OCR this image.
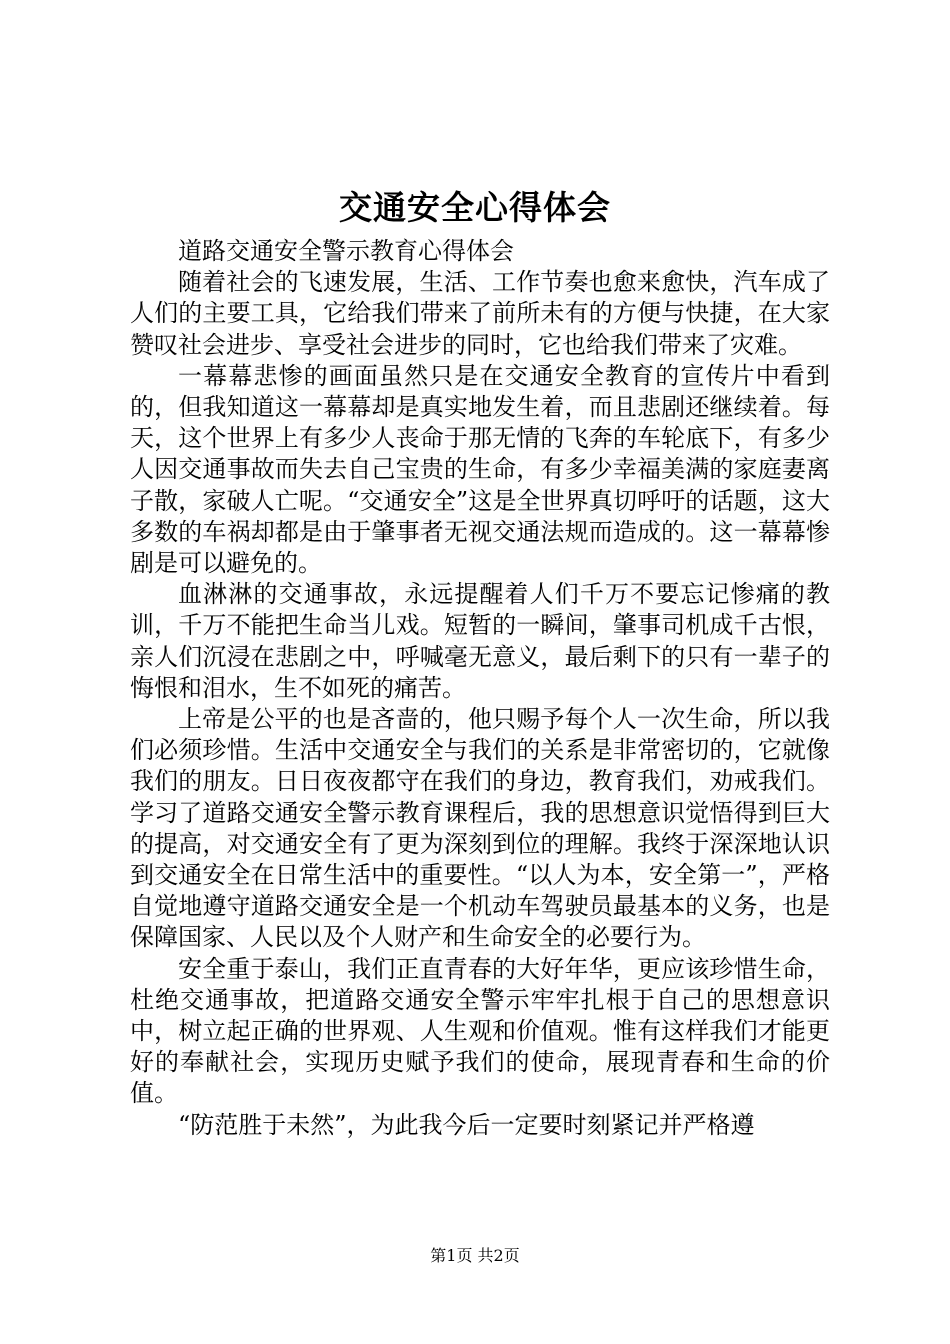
交通安全心得体会

道路交通安全警示教育心得体会

随着社会的飞速发展，生活、工作节奏也愈来愈快，汽车成了人们的主要工具，它给我们带来了前所未有的方便与快捷，在大家赞叹社会进步、享受社会进步的同时，它也给我们带来了灾难。

一幕幕悲惨的画面虽然只是在交通安全教育的宣传片中看到的，但我知道这一幕幕却是真实地发生着，而且悲剧还继续着。每天，这个世界上有多少人丧命于那无情的飞奔的车轮底下，有多少人因交通事故而失去自己宝贵的生命，有多少幸福美满的家庭妻离子散，家破人亡呢。“交通安全”这是全世界真切呼吁的话题，这大多数的车祸却都是由于肇事者无视交通法规而造成的。这一幕幕惨剧是可以避免的。

血淋淋的交通事故，永远提醒着人们千万不要忘记惨痛的教训，千万不能把生命当儿戏。短暂的一瞬间，肇事司机成千古恨，亲人们沉浸在悲剧之中，呼喊毫无意义，最后剩下的只有一辈子的悔恨和泪水，生不如死的痛苦。

上帝是公平的也是吝啬的，他只赐予每个人一次生命，所以我们必须珍惜。生活中交通安全与我们的关系是非常密切的，它就像我们的朋友。日日夜夜都守在我们的身边，教育我们，劝戒我们。学习了道路交通安全警示教育课程后，我的思想意识觉悟得到巨大的提高，对交通安全有了更为深刻到位的理解。我终于深深地认识到交通安全在日常生活中的重要性。“以人为本，安全第一”，严格自觉地遵守道路交通安全是一个机动车驾驶员最基本的义务，也是保障国家、人民以及个人财产和生命安全的必要行为。

安全重于泰山，我们正直青春的大好年华，更应该珍惜生命，杜绝交通事故，把道路交通安全警示牢牢扎根于自己的思想意识中，树立起正确的世界观、人生观和价值观。惟有这样我们才能更好的奉献社会，实现历史赋予我们的使命，展现青春和生命的价值。

“防范胜于未然”，为此我今后一定要时刻紧记并严格遵

第1页 共2页
